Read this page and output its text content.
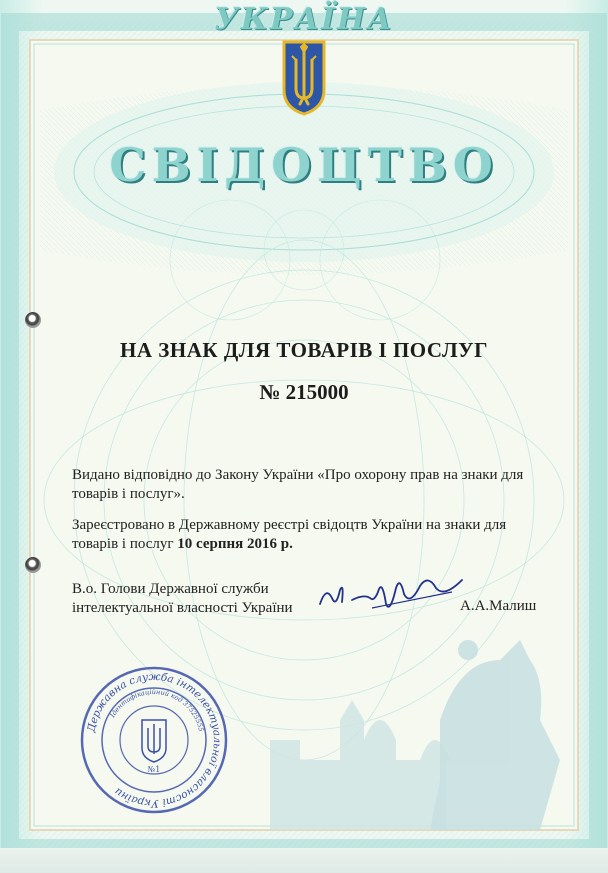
УКРАЇНА
СВІДОЦТВО
НА ЗНАК ДЛЯ ТОВАРІВ І ПОСЛУГ
№ 215000
Видано відповідно до Закону України «Про охорону прав на знаки для товарів і послуг».
Зареєстровано в Державному реєстрі свідоцтв України на знаки для товарів і послуг 10 серпня 2016 р.
В.о. Голови Державної служби
інтелектуальної власності України	А.А.Малиш
Державна служба інтелектуальної власності України
Ідентифікаційний код 37525555
№1
